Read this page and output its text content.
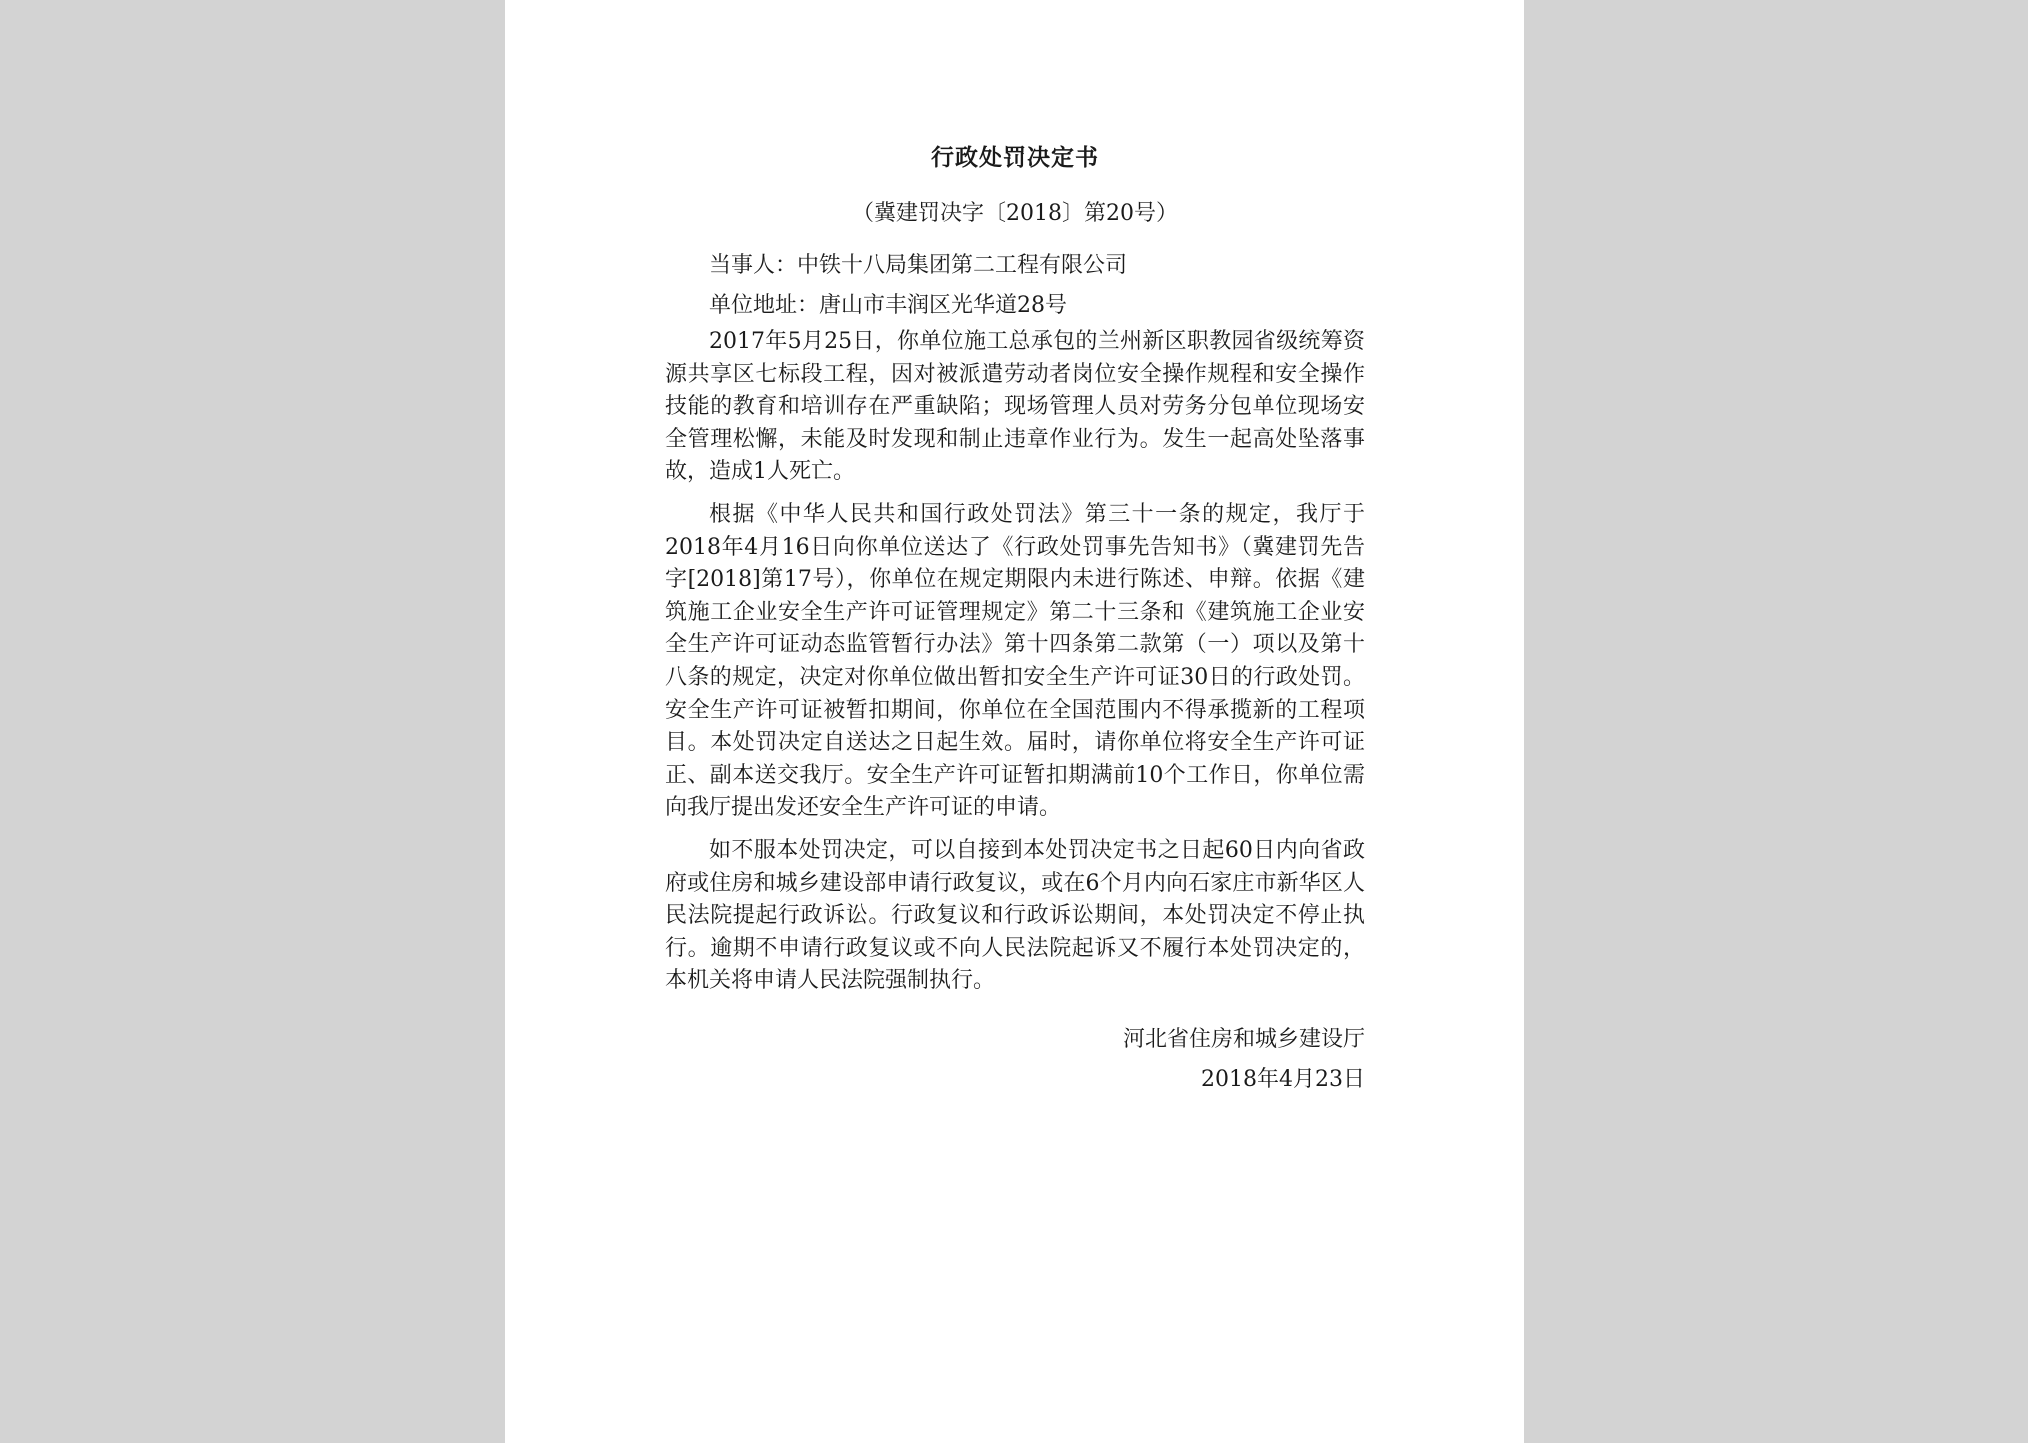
行政处罚决定书
（冀建罚决字〔2018〕第20号）

当事人：中铁十八局集团第二工程有限公司

单位地址：唐山市丰润区光华道28号

2017年5月25日，你单位施工总承包的兰州新区职教园省级统筹资源共享区七标段工程，因对被派遣劳动者岗位安全操作规程和安全操作技能的教育和培训存在严重缺陷；现场管理人员对劳务分包单位现场安全管理松懈，未能及时发现和制止违章作业行为。发生一起高处坠落事故，造成1人死亡。

根据《中华人民共和国行政处罚法》第三十一条的规定，我厅于2018年4月16日向你单位送达了《行政处罚事先告知书》（冀建罚先告字[2018]第17号），你单位在规定期限内未进行陈述、申辩。依据《建筑施工企业安全生产许可证管理规定》第二十三条和《建筑施工企业安全生产许可证动态监管暂行办法》第十四条第二款第（一）项以及第十八条的规定，决定对你单位做出暂扣安全生产许可证30日的行政处罚。安全生产许可证被暂扣期间，你单位在全国范围内不得承揽新的工程项目。本处罚决定自送达之日起生效。届时，请你单位将安全生产许可证正、副本送交我厅。安全生产许可证暂扣期满前10个工作日，你单位需向我厅提出发还安全生产许可证的申请。

如不服本处罚决定，可以自接到本处罚决定书之日起60日内向省政府或住房和城乡建设部申请行政复议，或在6个月内向石家庄市新华区人民法院提起行政诉讼。行政复议和行政诉讼期间，本处罚决定不停止执行。逾期不申请行政复议或不向人民法院起诉又不履行本处罚决定的，本机关将申请人民法院强制执行。

河北省住房和城乡建设厅
2018年4月23日
